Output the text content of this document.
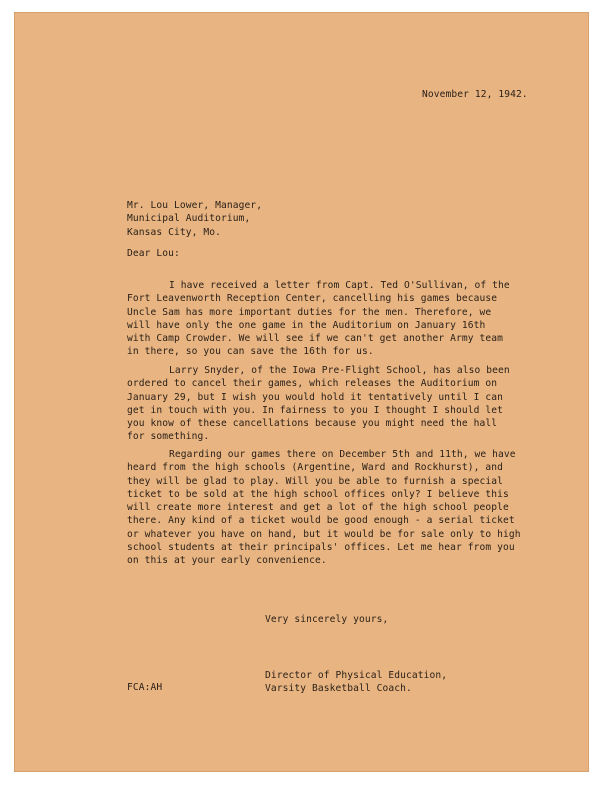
November 12, 1942.
Mr. Lou Lower, Manager,
Municipal Auditorium,
Kansas City, Mo.
Dear Lou:

I have received a letter from Capt. Ted O'Sullivan, of the
Fort Leavenworth Reception Center, cancelling his games because
Uncle Sam has more important duties for the men. Therefore, we
will have only the one game in the Auditorium on January 16th
with Camp Crowder. We will see if we can't get another Army team
in there, so you can save the 16th for us.

Larry Snyder, of the Iowa Pre-Flight School, has also been
ordered to cancel their games, which releases the Auditorium on
January 29, but I wish you would hold it tentatively until I can
get in touch with you. In fairness to you I thought I should let
you know of these cancellations because you might need the hall
for something.

Regarding our games there on December 5th and 11th, we have
heard from the high schools (Argentine, Ward and Rockhurst), and
they will be glad to play. Will you be able to furnish a special
ticket to be sold at the high school offices only? I believe this
will create more interest and get a lot of the high school people
there. Any kind of a ticket would be good enough - a serial ticket
or whatever you have on hand, but it would be for sale only to high
school students at their principals' offices. Let me hear from you
on this at your early convenience.

Very sincerely yours,
Director of Physical Education,
Varsity Basketball Coach.
FCA:AH
